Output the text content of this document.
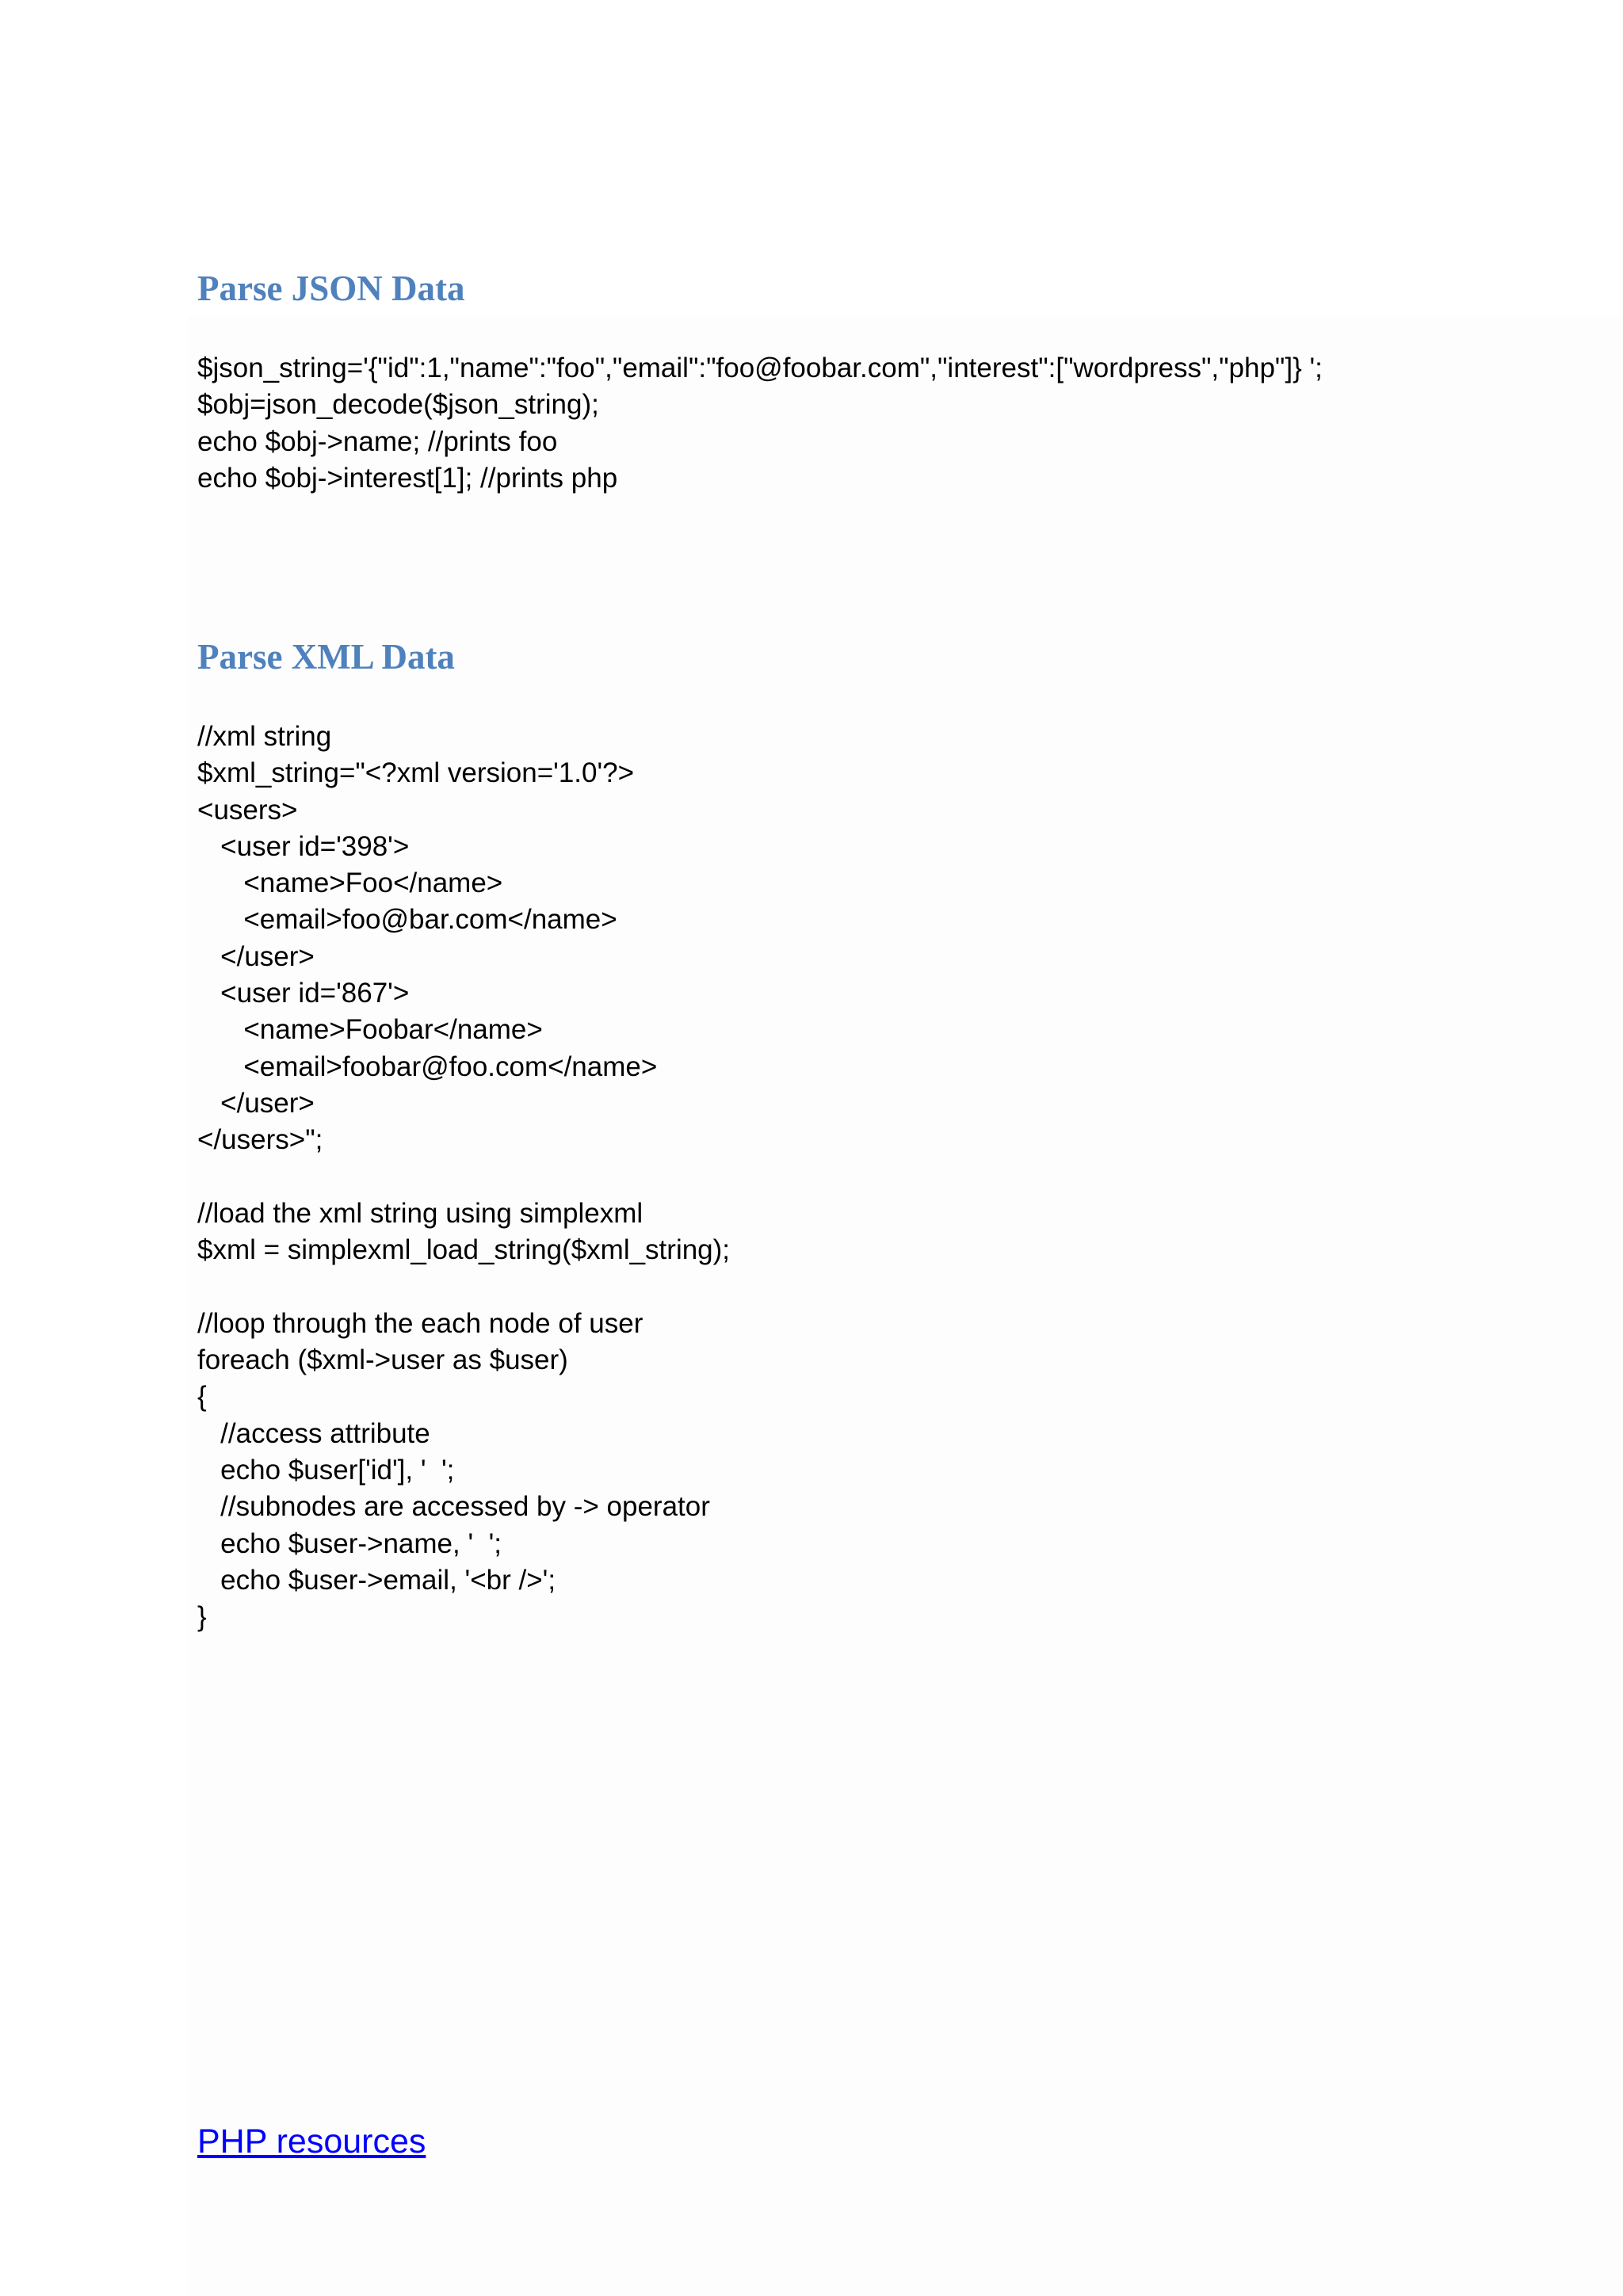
Parse JSON Data
$json_string='{"id":1,"name":"foo","email":"foo@foobar.com","interest":["wordpress","php"]} ';
$obj=json_decode($json_string);
echo $obj->name; //prints foo
echo $obj->interest[1]; //prints php
Parse XML Data
//xml string
$xml_string="<?xml version='1.0'?>
<users>
<user id='398'>
<name>Foo</name>
<email>foo@bar.com</name>
</user>
<user id='867'>
<name>Foobar</name>
<email>foobar@foo.com</name>
</user>
</users>";
//load the xml string using simplexml
$xml = simplexml_load_string($xml_string);
//loop through the each node of user
foreach ($xml->user as $user)
{
//access attribute
echo $user['id'], '  ';
//subnodes are accessed by -> operator
echo $user->name, '  ';
echo $user->email, '<br />';
}
PHP resources
